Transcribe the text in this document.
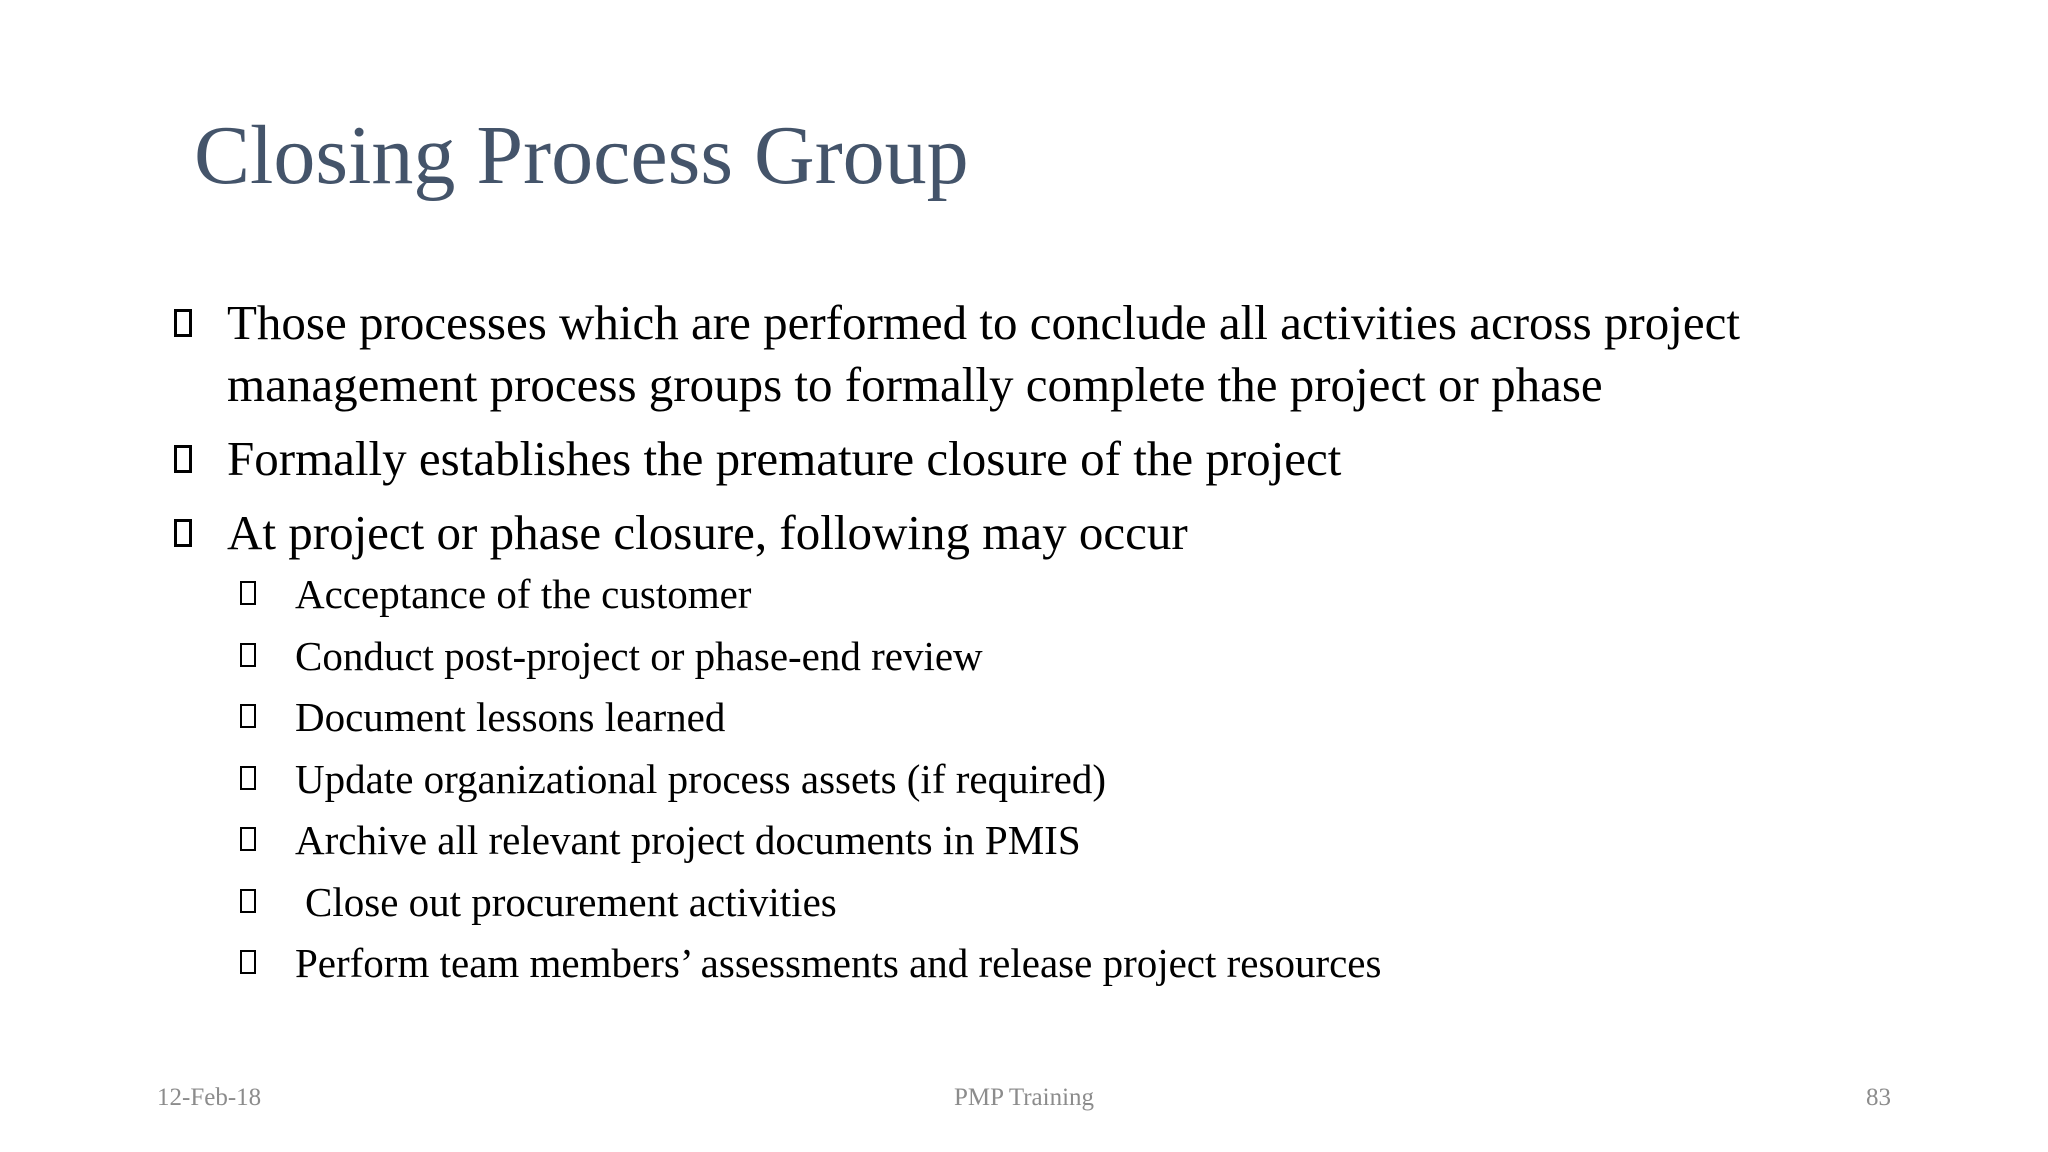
Closing Process Group
Those processes which are performed to conclude all activities across project management process groups to formally complete the project or phase
Formally establishes the premature closure of the project
At project or phase closure, following may occur
Acceptance of the customer
Conduct post-project or phase-end review
Document lessons learned
Update organizational process assets (if required)
Archive all relevant project documents in PMIS
Close out procurement activities
Perform team members’ assessments and release project resources
12-Feb-18	PMP Training	83
